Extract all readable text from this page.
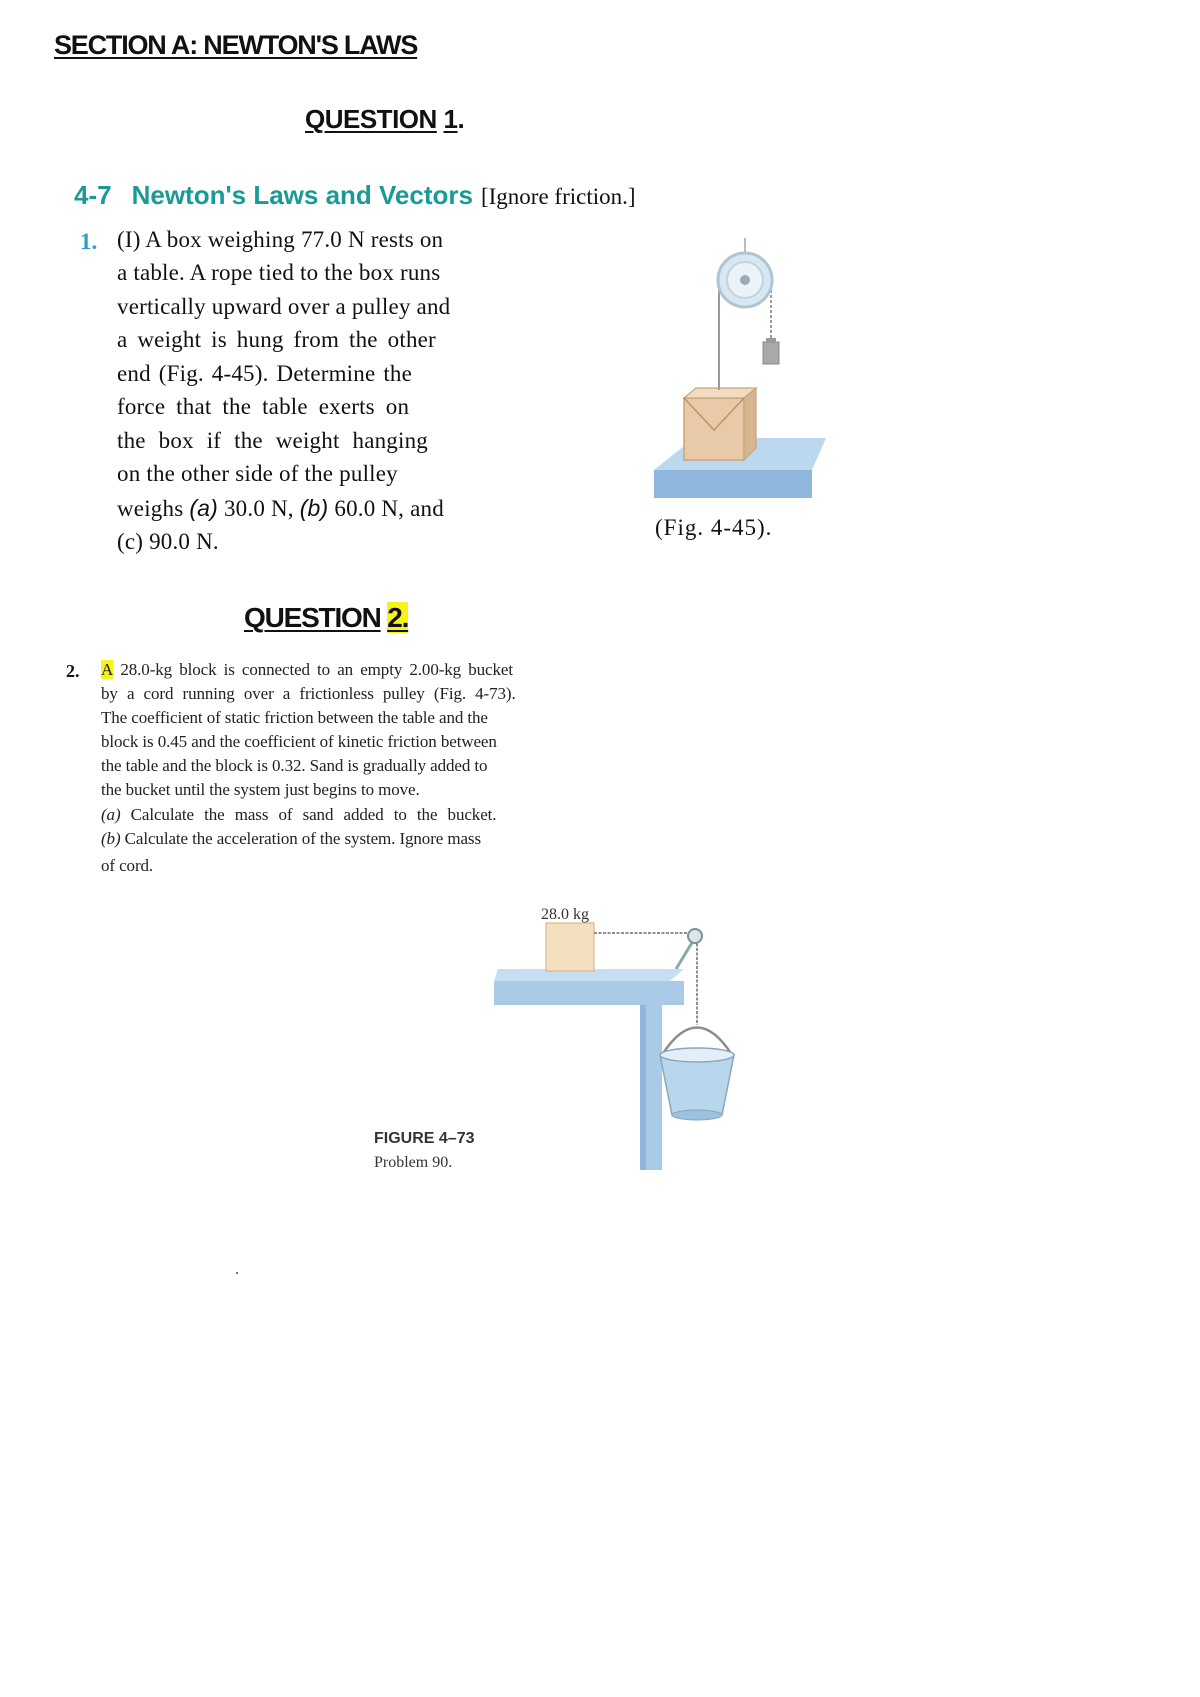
SECTION A: NEWTON'S LAWS
QUESTION 1.
4-7 Newton's Laws and Vectors [Ignore friction.]
1. (I) A box weighing 77.0 N rests on
a table. A rope tied to the box runs
vertically upward over a pulley and
a weight is hung from the other
end (Fig. 4-45). Determine the
force that the table exerts on
the box if the weight hanging
on the other side of the pulley
weighs (a) 30.0 N, (b) 60.0 N, and
(c) 90.0 N.
(Fig. 4-45).
QUESTION 2.
2. A 28.0-kg block is connected to an empty 2.00-kg bucket
by a cord running over a frictionless pulley (Fig. 4-73).
The coefficient of static friction between the table and the
block is 0.45 and the coefficient of kinetic friction between
the table and the block is 0.32. Sand is gradually added to
the bucket until the system just begins to move.
(a) Calculate the mass of sand added to the bucket.
(b) Calculate the acceleration of the system. Ignore mass
of cord.
28.0 kg
FIGURE 4–73
Problem 90.
